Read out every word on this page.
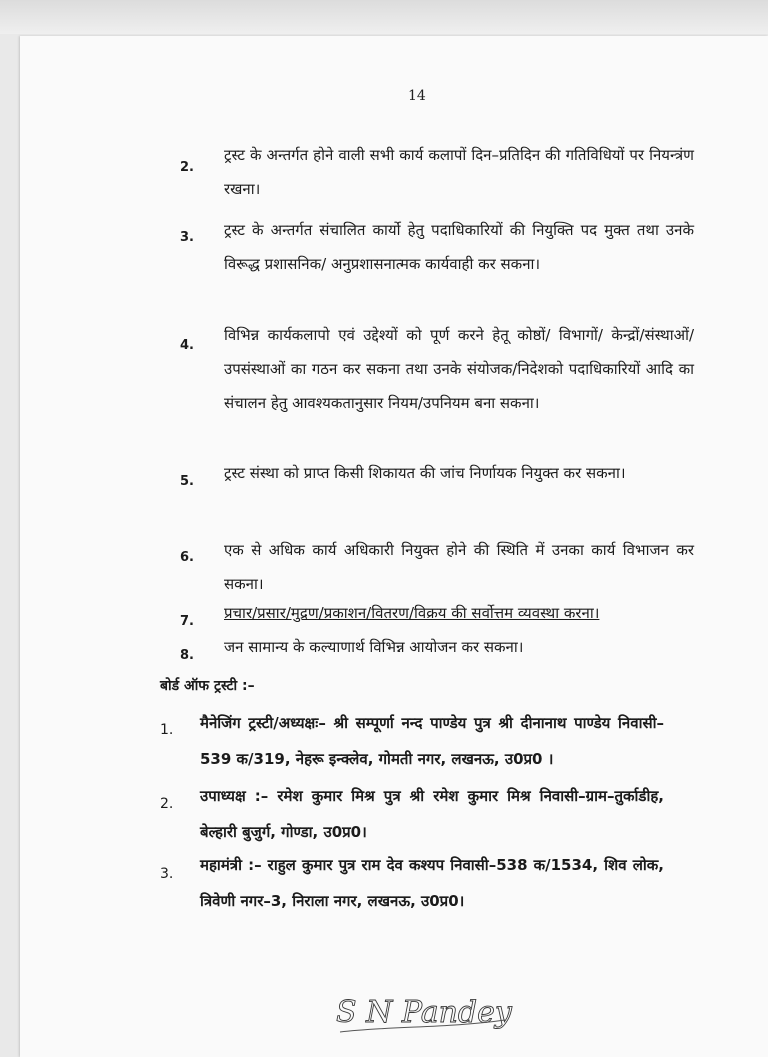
14
2.
ट्रस्ट के अन्तर्गत होने वाली सभी कार्य कलापों दिन–प्रतिदिन की गतिविधियों पर नियन्त्रंण रखना।
3. ट्रस्ट के अन्तर्गत संचालित कार्यो हेतु पदाधिकारियों की नियुक्ति पद मुक्त तथा उनके विरूद्ध प्रशासनिक/ अनुप्रशासनात्मक कार्यवाही कर सकना।
4.
विभिन्न कार्यकलापो एवं उद्देश्यों को पूर्ण करने हेतू कोष्ठों/ विभागों/ केन्द्रों/संस्थाओं/उपसंस्थाओं का गठन कर सकना तथा उनके संयोजक/निदेशको पदाधिकारियों आदि का संचालन हेतु आवश्यकतानुसार नियम/उपनियम बना सकना।
5. ट्रस्ट संस्था को प्राप्त किसी शिकायत की जांच निर्णायक नियुक्त कर सकना।
6. एक से अधिक कार्य अधिकारी नियुक्त होने की स्थिति में उनका कार्य विभाजन कर सकना।
7. प्रचार/प्रसार/मुद्रण/प्रकाशन/वितरण/विक्रय की सर्वोत्तम व्यवस्था करना।
8. जन सामान्य के कल्याणार्थ विभिन्न आयोजन कर सकना।
बोर्ड ऑफ ट्रस्टी :–
1. मैनेजिंग ट्रस्टी/अध्यक्षः– श्री सम्पूर्णा नन्द पाण्डेय पुत्र श्री दीनानाथ पाण्डेय निवासी–539 क/319, नेहरू इन्क्लेव, गोमती नगर, लखनऊ, उ0प्र0 ।
2. उपाध्यक्ष :– रमेश कुमार मिश्र पुत्र श्री रमेश कुमार मिश्र निवासी–ग्राम–तुर्काडीह, बेल्हारी बुजुर्ग, गोण्डा, उ0प्र0।
3. महामंत्री :– राहुल कुमार पुत्र राम देव कश्यप निवासी–538 क/1534, शिव लोक, त्रिवेणी नगर–3, निराला नगर, लखनऊ, उ0प्र0।
S N Pandey
